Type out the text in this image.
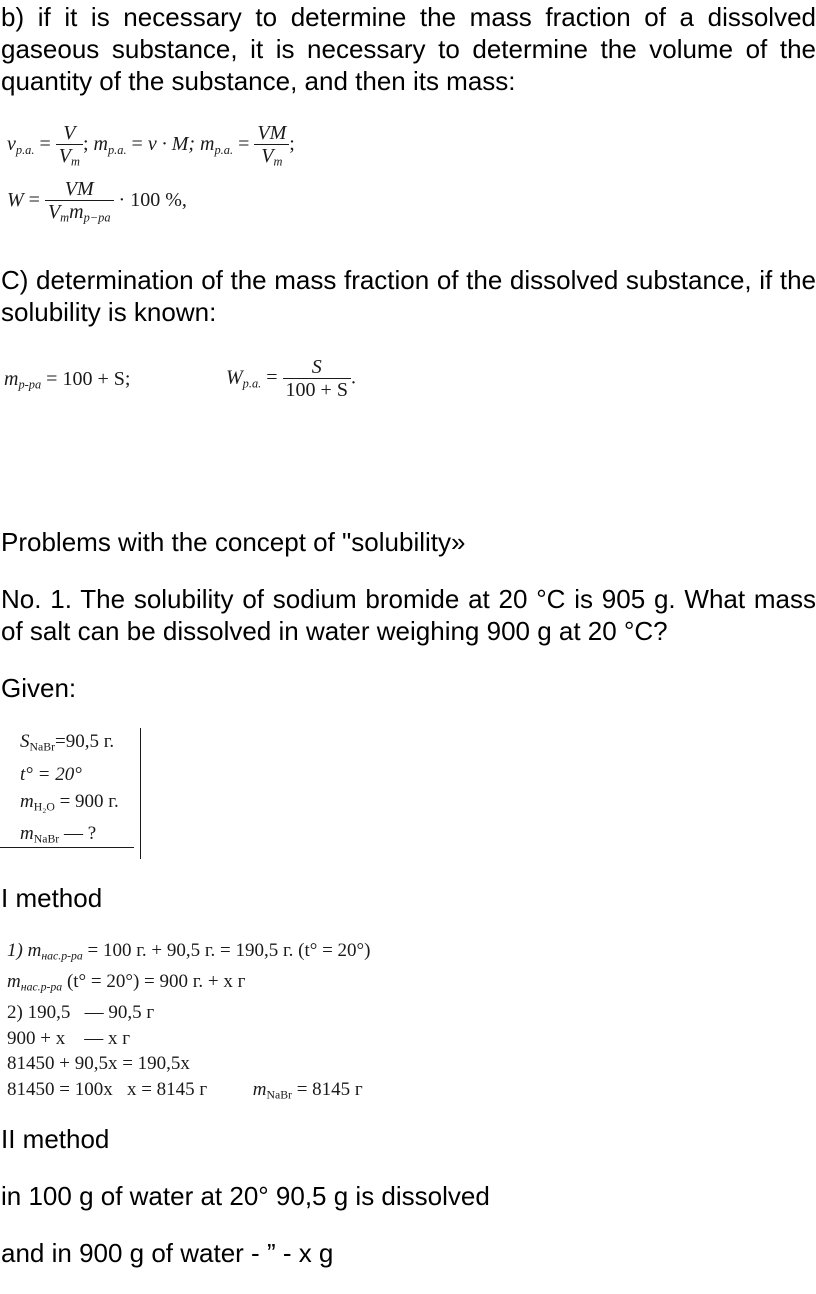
b) if it is necessary to determine the mass fraction of a dissolved gaseous substance, it is necessary to determine the volume of the quantity of the substance, and then its mass:
$\nu_{p.a.} = \frac{V}{V_m}$ ; $m_{p.a.} = \nu \cdot M$; $m_{p.a.} = \frac{VM}{V_m}$ ;
$W = \frac{VM}{V_mm_{p-pa}} \cdot 100$ %,
C) determination of the mass fraction of the dissolved substance, if the solubility is known:
$m_{p-pa} = 100 + S$;	$W_{p.a.} = \frac{S}{100 + S}$ .
Problems with the concept of "solubility»
No. 1. The solubility of sodium bromide at 20 °C is 905 g. What mass of salt can be dissolved in water weighing 900 g at 20 °C?
Given:
$S_{NaBr}=90,5$ г.
t° = 20°
$m_{H_2O} = 900$ г.
$m_{NaBr}$ — ?
I method
1) $m_{нас.p-pa} = 100$ г. + 90,5 г. = 190,5 г. (t° = 20°)
$m_{нас.p-pa}$ (t° = 20°) = 900 г. + x г
2) 190,5   — 90,5 г
900 + x    — x г
81450 + 90,5x = 190,5x
81450 = 100x   x = 8145 г $m_{NaBr} = 8145$ г
II method
in 100 g of water at 20° 90,5 g is dissolved
and in 900 g of water - ” - x g
